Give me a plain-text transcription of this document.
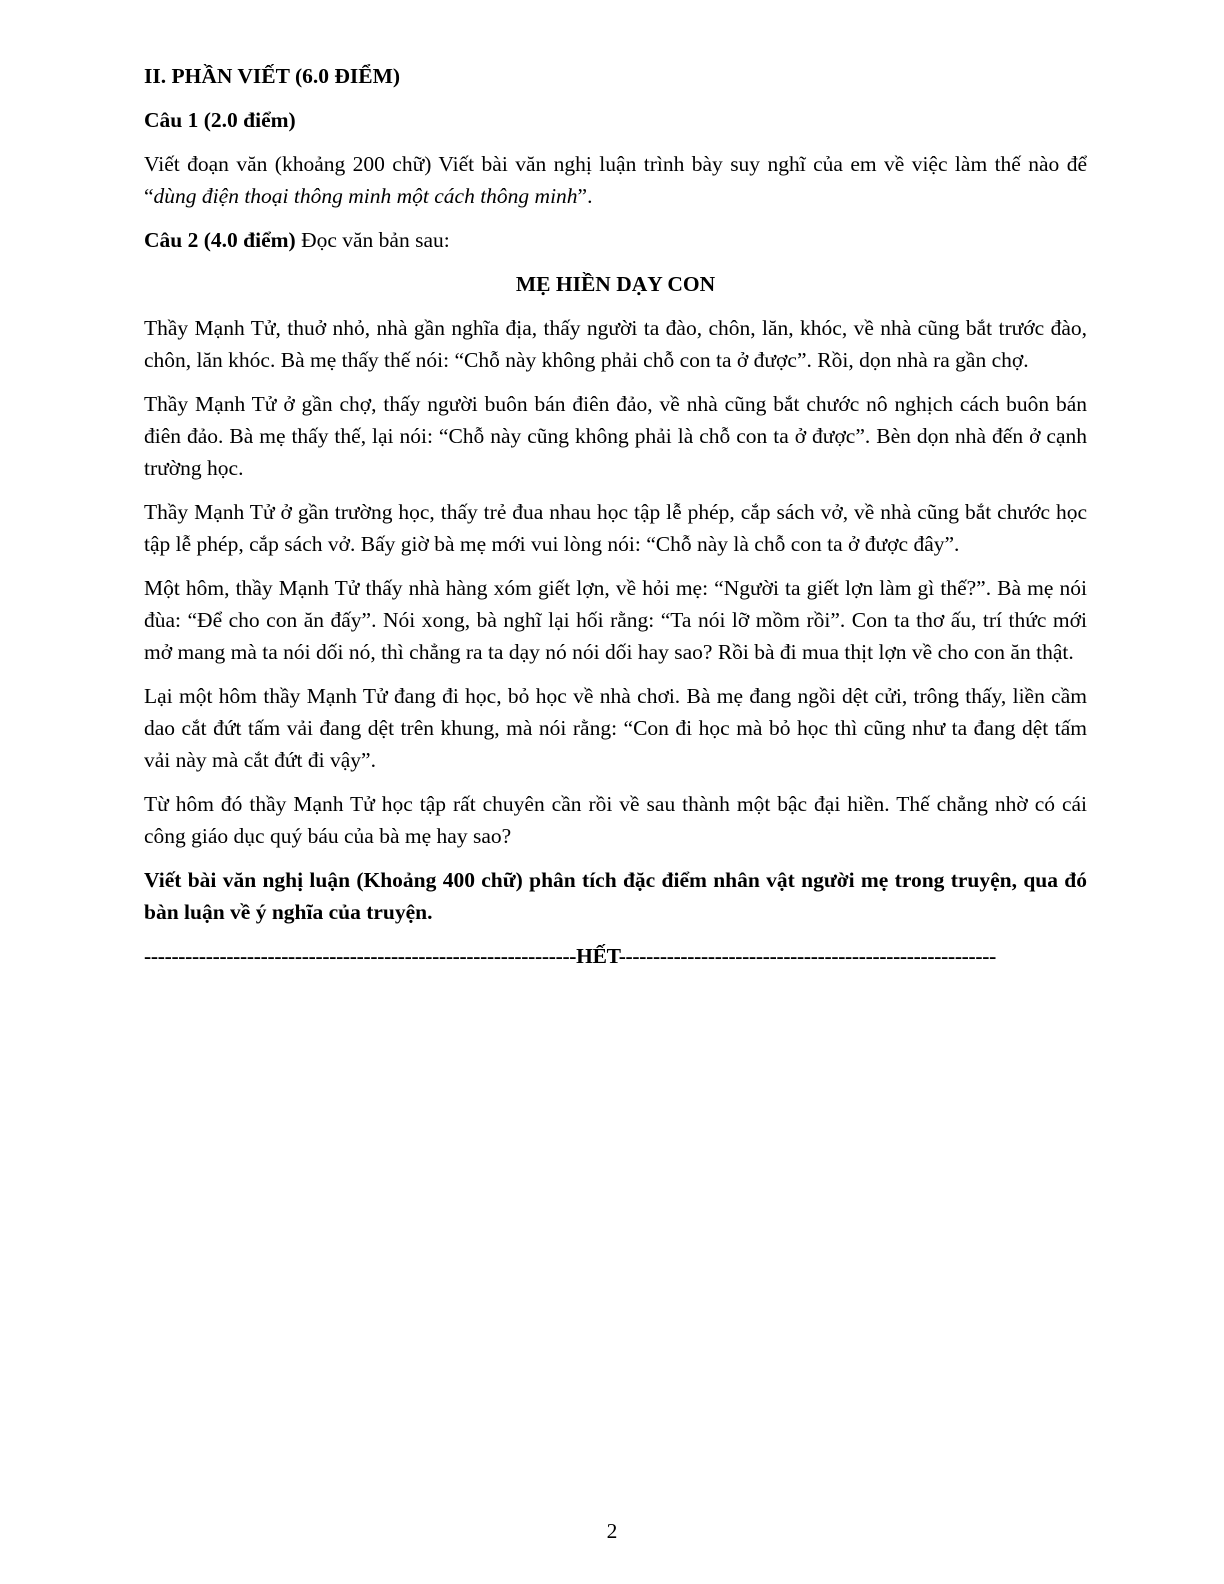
II. PHẦN VIẾT (6.0 ĐIỂM)

Câu 1 (2.0 điểm)

Viết đoạn văn (khoảng 200 chữ) Viết bài văn nghị luận trình bày suy nghĩ của em về việc làm thế nào để “dùng điện thoại thông minh một cách thông minh”.

Câu 2 (4.0 điểm) Đọc văn bản sau:

MẸ HIỀN DẠY CON

Thầy Mạnh Tử, thuở nhỏ, nhà gần nghĩa địa, thấy người ta đào, chôn, lăn, khóc, về nhà cũng bắt trước đào, chôn, lăn khóc. Bà mẹ thấy thế nói: “Chỗ này không phải chỗ con ta ở được”. Rồi, dọn nhà ra gần chợ.

Thầy Mạnh Tử ở gần chợ, thấy người buôn bán điên đảo, về nhà cũng bắt chước nô nghịch cách buôn bán điên đảo. Bà mẹ thấy thế, lại nói: “Chỗ này cũng không phải là chỗ con ta ở được”. Bèn dọn nhà đến ở cạnh trường học.

Thầy Mạnh Tử ở gần trường học, thấy trẻ đua nhau học tập lễ phép, cắp sách vở, về nhà cũng bắt chước học tập lễ phép, cắp sách vở. Bấy giờ bà mẹ mới vui lòng nói: “Chỗ này là chỗ con ta ở được đây”.

Một hôm, thầy Mạnh Tử thấy nhà hàng xóm giết lợn, về hỏi mẹ: “Người ta giết lợn làm gì thế?”. Bà mẹ nói đùa: “Để cho con ăn đấy”. Nói xong, bà nghĩ lại hối rằng: “Ta nói lỡ mồm rồi”. Con ta thơ ấu, trí thức mới mở mang mà ta nói dối nó, thì chẳng ra ta dạy nó nói dối hay sao? Rồi bà đi mua thịt lợn về cho con ăn thật.

Lại một hôm thầy Mạnh Tử đang đi học, bỏ học về nhà chơi. Bà mẹ đang ngồi dệt cửi, trông thấy, liền cầm dao cắt đứt tấm vải đang dệt trên khung, mà nói rằng: “Con đi học mà bỏ học thì cũng như ta đang dệt tấm vải này mà cắt đứt đi vậy”.

Từ hôm đó thầy Mạnh Tử học tập rất chuyên cần rồi về sau thành một bậc đại hiền. Thế chẳng nhờ có cái công giáo dục quý báu của bà mẹ hay sao?

Viết bài văn nghị luận (Khoảng 400 chữ) phân tích đặc điểm nhân vật người mẹ trong truyện, qua đó bàn luận về ý nghĩa của truyện.

---------------------------------------------------------------HẾT-------------------------------------------------------
2
